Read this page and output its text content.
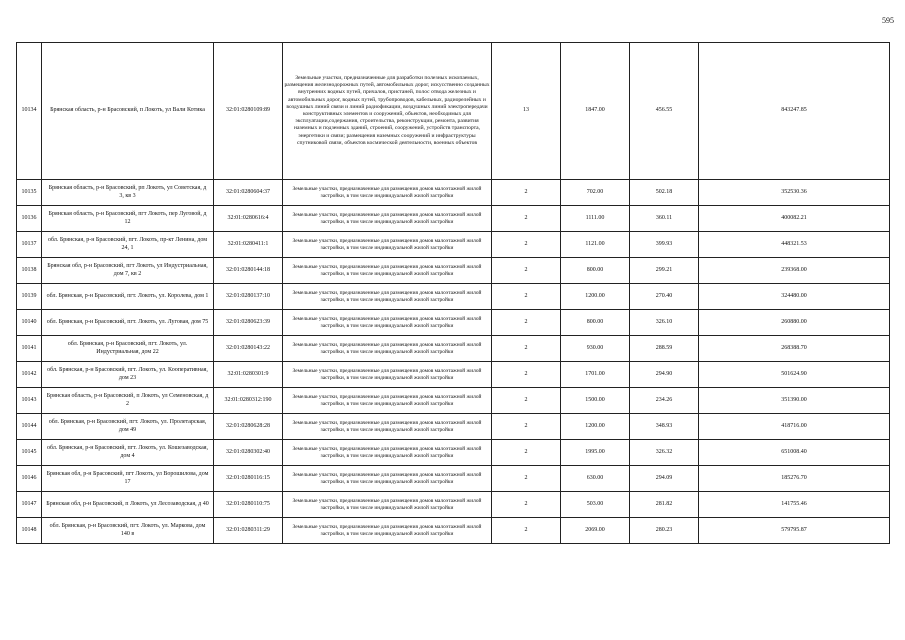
595
10134	Брянская область, р-н Брасовский, п Локоть, ул Вали Котика	32:01:0280109:89	Земельные участки, предназначенные для разработки полезных ископаемых, размещения железнодорожных путей, автомобильных дорог, искусственно созданных внутренних водных путей, причалов, пристаней, полос отвода железных и автомобильных дорог, водных путей, трубопроводов, кабельных, радиорелейных и воздушных линий связи и линий радиофикации, воздушных линий электропередачи конструктивных элементов и сооружений, объектов, необходимых для эксплуатации,содержания, строительства, реконструкции, ремонта, развития наземных и подземных зданий, строений, сооружений, устройств транспорта, энергетики и связи; размещения наземных сооружений и инфраструктуры спутниковой связи, объектов космической деятельности, военных объектов	13	1847.00	456.55	843247.85
10135	Брянская область, р-н Брасовский, рп Локоть, ул Советская, д 3, кв 3	32:01:0280604:37	Земельные участки, предназначенные для размещения домов малоэтажной жилой застройки, в том числе индивидуальной жилой застройки	2	702.00	502.18	352530.36
10136	Брянская область, р-н Брасовский, пгт Локоть, пер Луговой, д 12	32:01:0280616:4	Земельные участки, предназначенные для размещения домов малоэтажной жилой застройки, в том числе индивидуальной жилой застройки	2	1111.00	360.11	400082.21
10137	обл. Брянская, р-н Брасовский, пгт. Локоть, пр-кт Ленина, дом 24, 1	32:01:0280411:1	Земельные участки, предназначенные для размещения домов малоэтажной жилой застройки, в том числе индивидуальной жилой застройки	2	1121.00	399.93	448321.53
10138	Брянская обл, р-н Брасовский, пгт Локоть, ул Индустриальная, дом 7, кв 2	32:01:0280144:18	Земельные участки, предназначенные для размещения домов малоэтажной жилой застройки, в том числе индивидуальной жилой застройки	2	800.00	299.21	239368.00
10139	обл. Брянская, р-н Брасовский, пгт. Локоть, ул. Королева, дом 1	32:01:0280137:10	Земельные участки, предназначенные для размещения домов малоэтажной жилой застройки, в том числе индивидуальной жилой застройки	2	1200.00	270.40	324480.00
10140	обл. Брянская, р-н Брасовский, пгт. Локоть, ул. Луговая, дом 75	32:01:0280623:39	Земельные участки, предназначенные для размещения домов малоэтажной жилой застройки, в том числе индивидуальной жилой застройки	2	800.00	326.10	260880.00
10141	обл. Брянская, р-н Брасовский, пгт. Локоть, ул. Индустриальная, дом 22	32:01:0280143:22	Земельные участки, предназначенные для размещения домов малоэтажной жилой застройки, в том числе индивидуальной жилой застройки	2	930.00	288.59	268388.70
10142	обл. Брянская, р-н Брасовский, пгт. Локоть, ул. Кооперативная, дом 23	32:01:0280301:9	Земельные участки, предназначенные для размещения домов малоэтажной жилой застройки, в том числе индивидуальной жилой застройки	2	1701.00	294.90	501624.90
10143	Брянская область, р-н Брасовский, п Локоть, ул Семеновская, д 2	32:01:0280312:190	Земельные участки, предназначенные для размещения домов малоэтажной жилой застройки, в том числе индивидуальной жилой застройки	2	1500.00	234.26	351390.00
10144	обл. Брянская, р-н Брасовский, пгт. Локоть, ул. Пролетарская, дом 49	32:01:0280628:28	Земельные участки, предназначенные для размещения домов малоэтажной жилой застройки, в том числе индивидуальной жилой застройки	2	1200.00	348.93	418716.00
10145	обл. Брянская, р-н Брасовский, пгт. Локоть, ул. Кошезаводская, дом 4	32:01:0280302:40	Земельные участки, предназначенные для размещения домов малоэтажной жилой застройки, в том числе индивидуальной жилой застройки	2	1995.00	326.32	651008.40
10146	Брянская обл, р-н Брасовский, пгт Локоть, ул Ворошилова, дом 17	32:01:0280116:15	Земельные участки, предназначенные для размещения домов малоэтажной жилой застройки, в том числе индивидуальной жилой застройки	2	630.00	294.09	185276.70
10147	Брянская обл, р-н Брасовский, п Локоть, ул Лесозаводская, д 40	32:01:0280110:75	Земельные участки, предназначенные для размещения домов малоэтажной жилой застройки, в том числе индивидуальной жилой застройки	2	503.00	281.82	141755.46
10148	обл. Брянская, р-н Брасовский, пгт. Локоть, ул. Маркова, дом 140 в	32:01:0280311:29	Земельные участки, предназначенные для размещения домов малоэтажной жилой застройки, в том числе индивидуальной жилой застройки	2	2069.00	280.23	579795.87
